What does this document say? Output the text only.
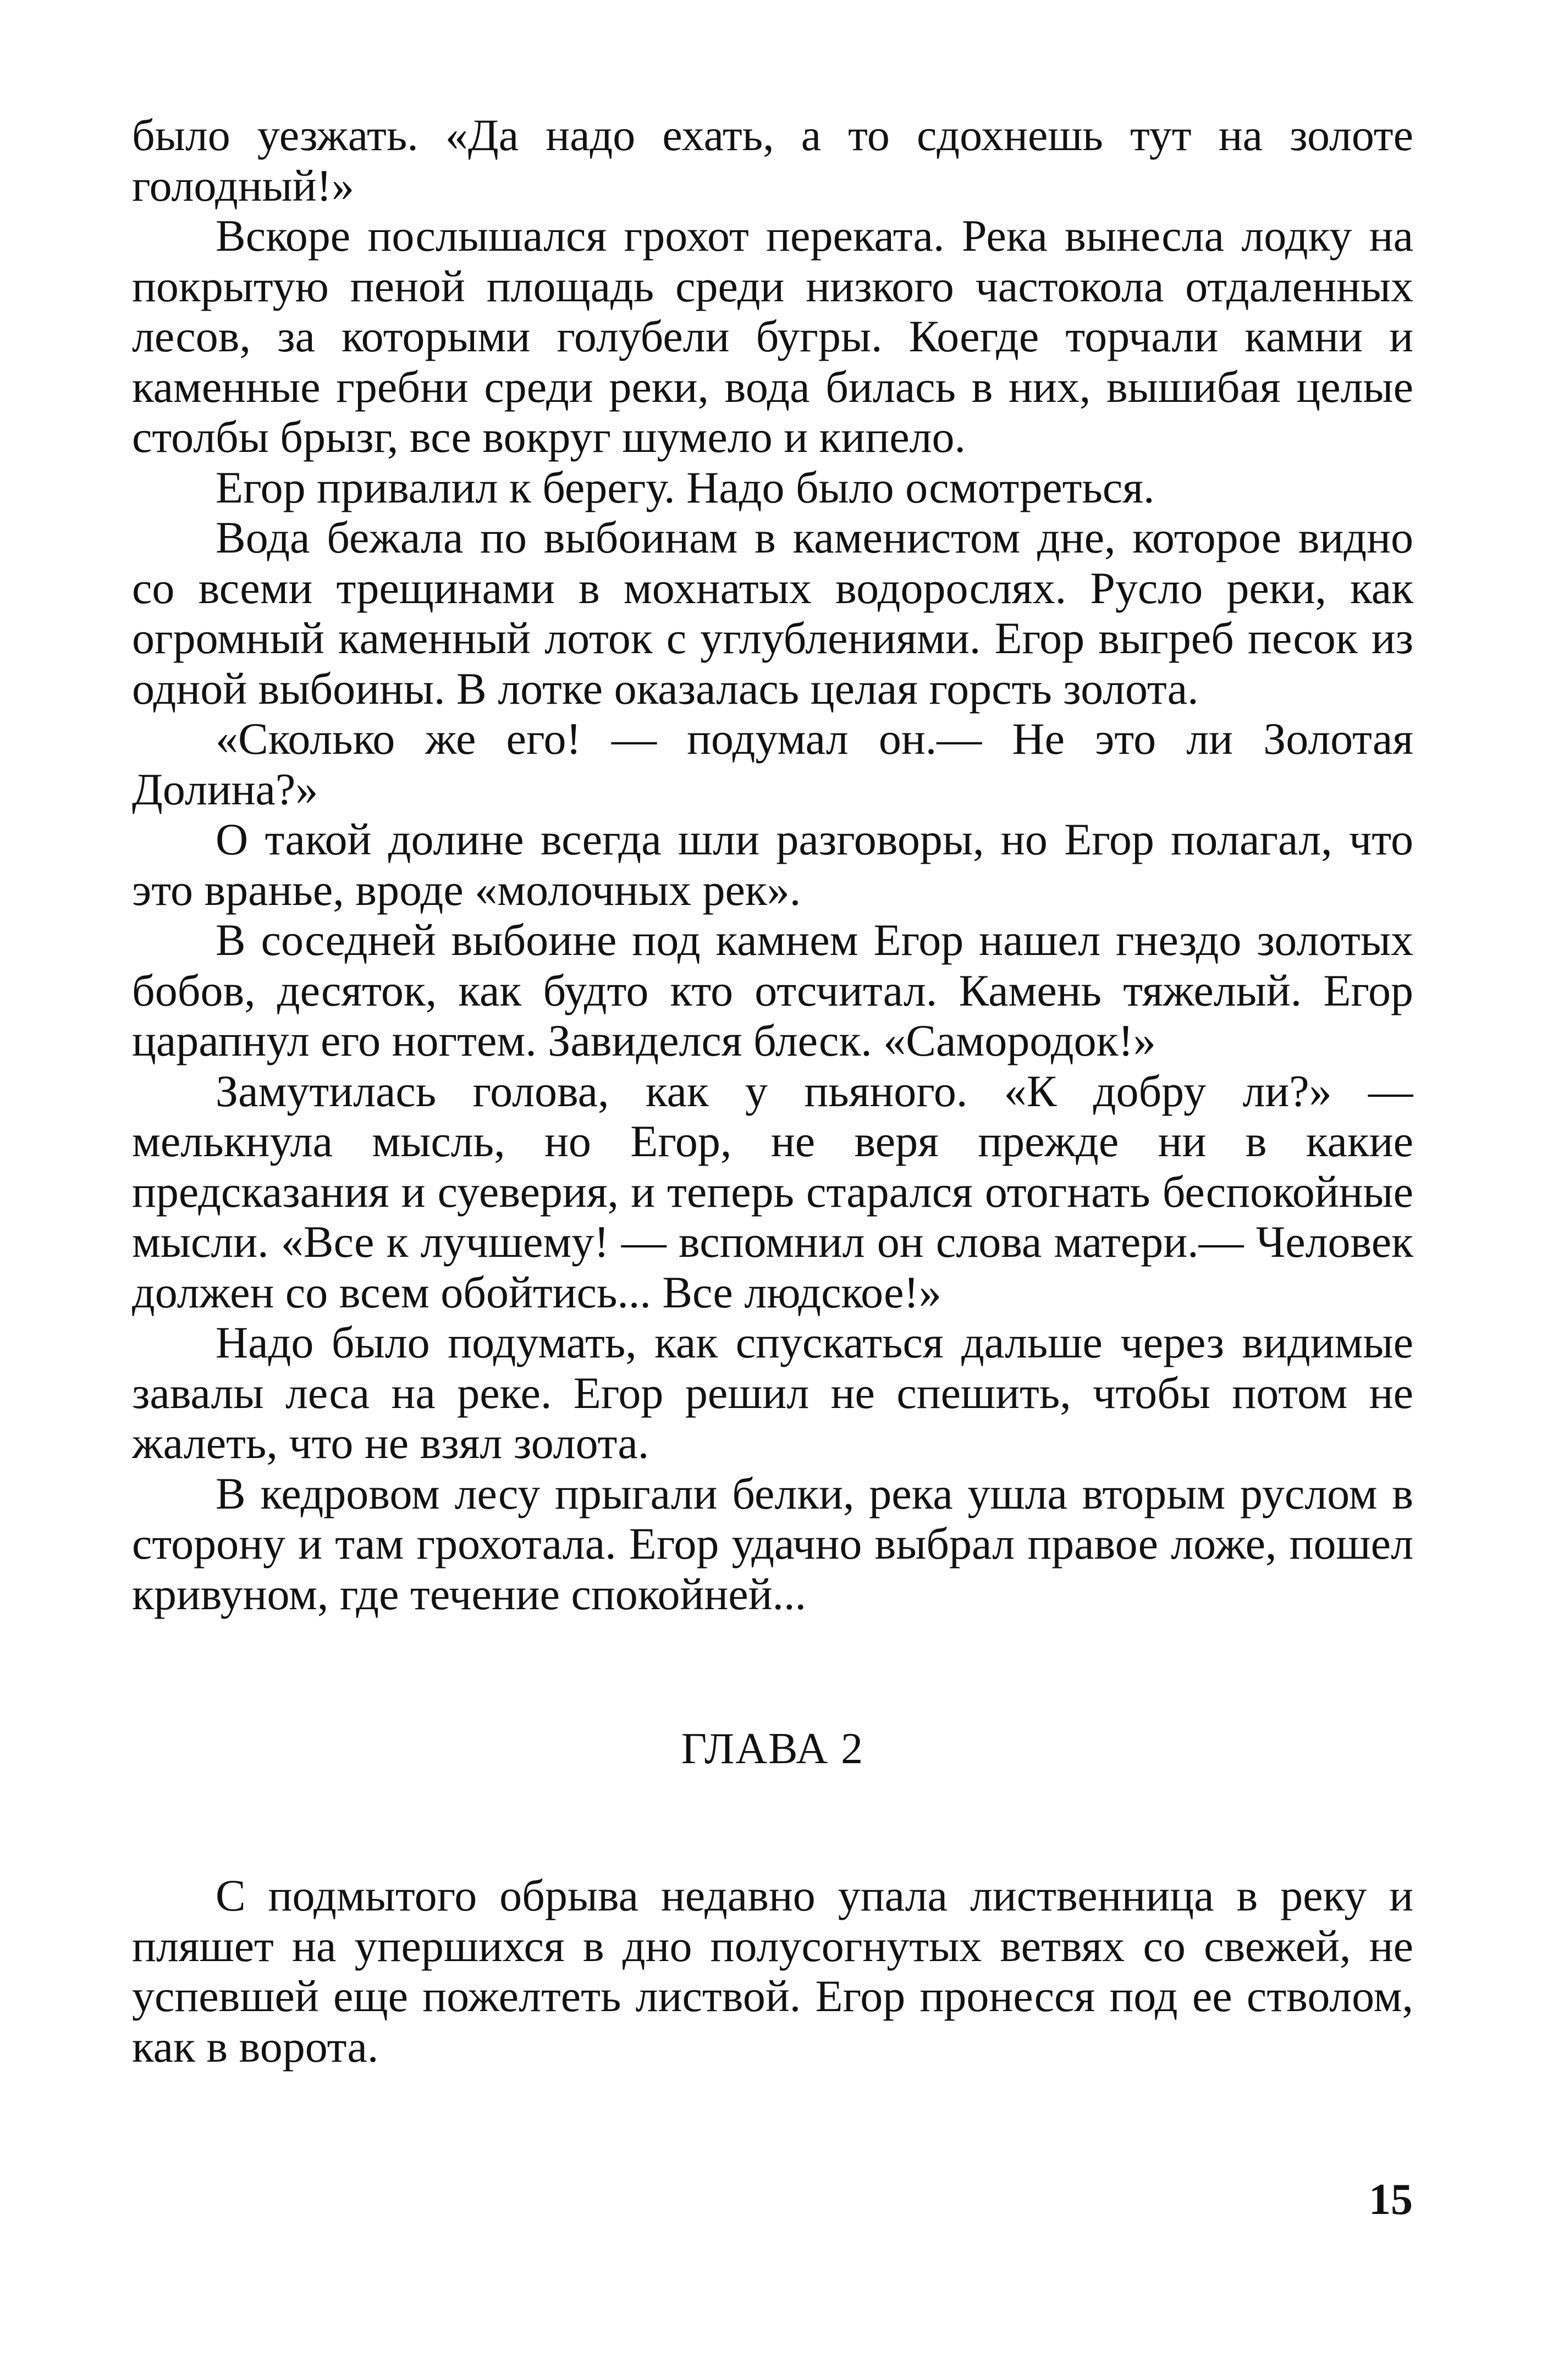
было уезжать. «Да надо ехать, а то сдохнешь тут на золоте голодный!»

Вскоре послышался грохот переката. Река вынесла лодку на покрытую пеной площадь среди низкого частокола отдаленных лесов, за которыми голубели бугры. Коегде торчали камни и каменные гребни среди реки, вода билась в них, вышибая целые столбы брызг, все вокруг шумело и кипело.

Егор привалил к берегу. Надо было осмотреться.

Вода бежала по выбоинам в каменистом дне, которое видно со всеми трещинами в мохнатых водорослях. Русло реки, как огромный каменный лоток с углублениями. Егор выгреб песок из одной выбоины. В лотке оказалась целая горсть золота.

«Сколько же его! — подумал он.— Не это ли Золотая Долина?»

О такой долине всегда шли разговоры, но Егор полагал, что это вранье, вроде «молочных рек».

В соседней выбоине под камнем Егор нашел гнездо золотых бобов, десяток, как будто кто отсчитал. Камень тяжелый. Егор царапнул его ногтем. Завиделся блеск. «Самородок!»

Замутилась голова, как у пьяного. «К добру ли?» — мелькнула мысль, но Егор, не веря прежде ни в какие предсказания и суеверия, и теперь старался отогнать беспокойные мысли. «Все к лучшему! — вспомнил он слова матери.— Человек должен со всем обойтись... Все людское!»

Надо было подумать, как спускаться дальше через видимые завалы леса на реке. Егор решил не спешить, чтобы потом не жалеть, что не взял золота.

В кедровом лесу прыгали белки, река ушла вторым руслом в сторону и там грохотала. Егор удачно выбрал правое ложе, пошел кривуном, где течение спокойней...

ГЛАВА 2

С подмытого обрыва недавно упала лиственница в реку и пляшет на упершихся в дно полусогнутых ветвях со свежей, не успевшей еще пожелтеть листвой. Егор пронесся под ее стволом, как в ворота.

15
